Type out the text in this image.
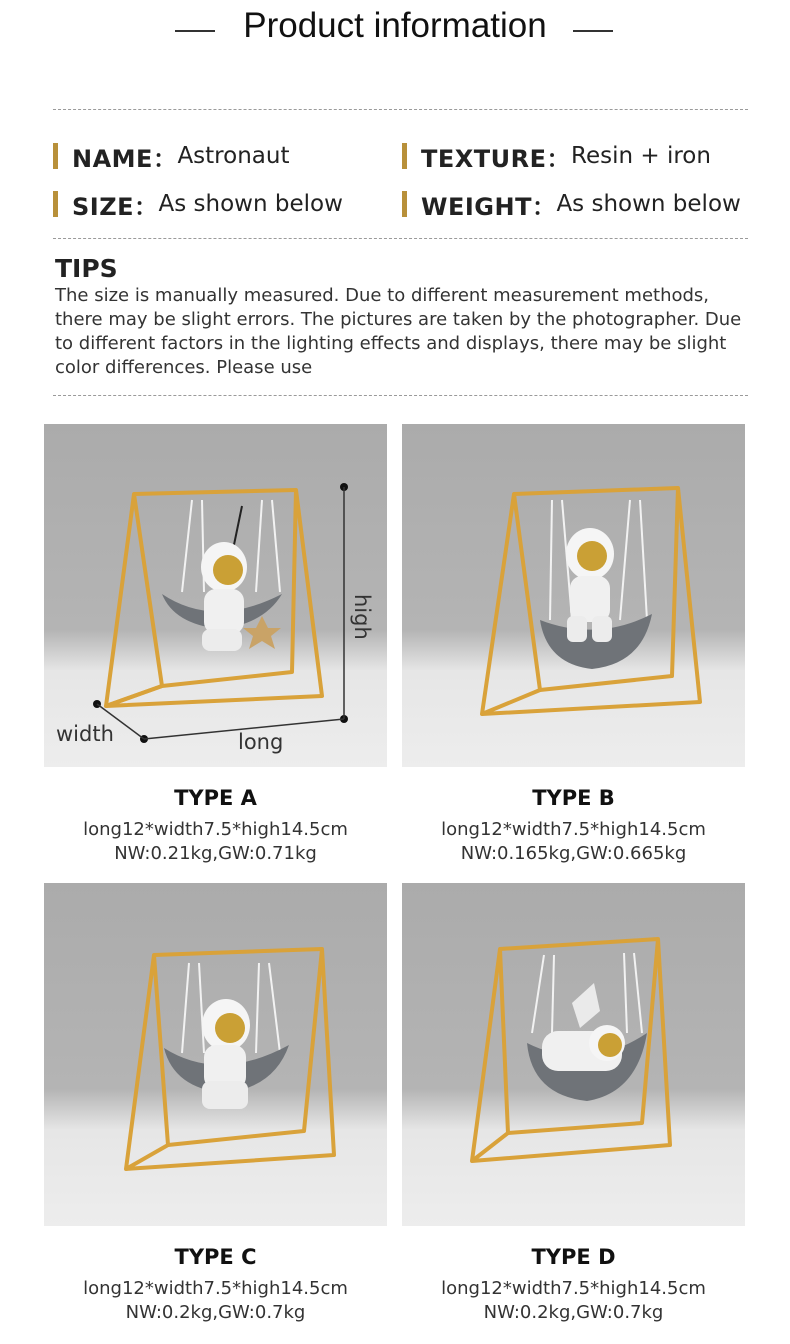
Product information
NAME： Astronaut	TEXTURE： Resin + iron
SIZE： As shown below	WEIGHT： As shown below
TIPS
The size is manually measured. Due to different measurement methods, there may be slight errors. The pictures are taken by the photographer. Due to different factors in the lighting effects and displays, there may be slight color differences. Please use
high
width	long
TYPE A
long12*width7.5*high14.5cm
NW:0.21kg,GW:0.71kg
TYPE B
long12*width7.5*high14.5cm
NW:0.165kg,GW:0.665kg
TYPE C
long12*width7.5*high14.5cm
NW:0.2kg,GW:0.7kg
TYPE D
long12*width7.5*high14.5cm
NW:0.2kg,GW:0.7kg
